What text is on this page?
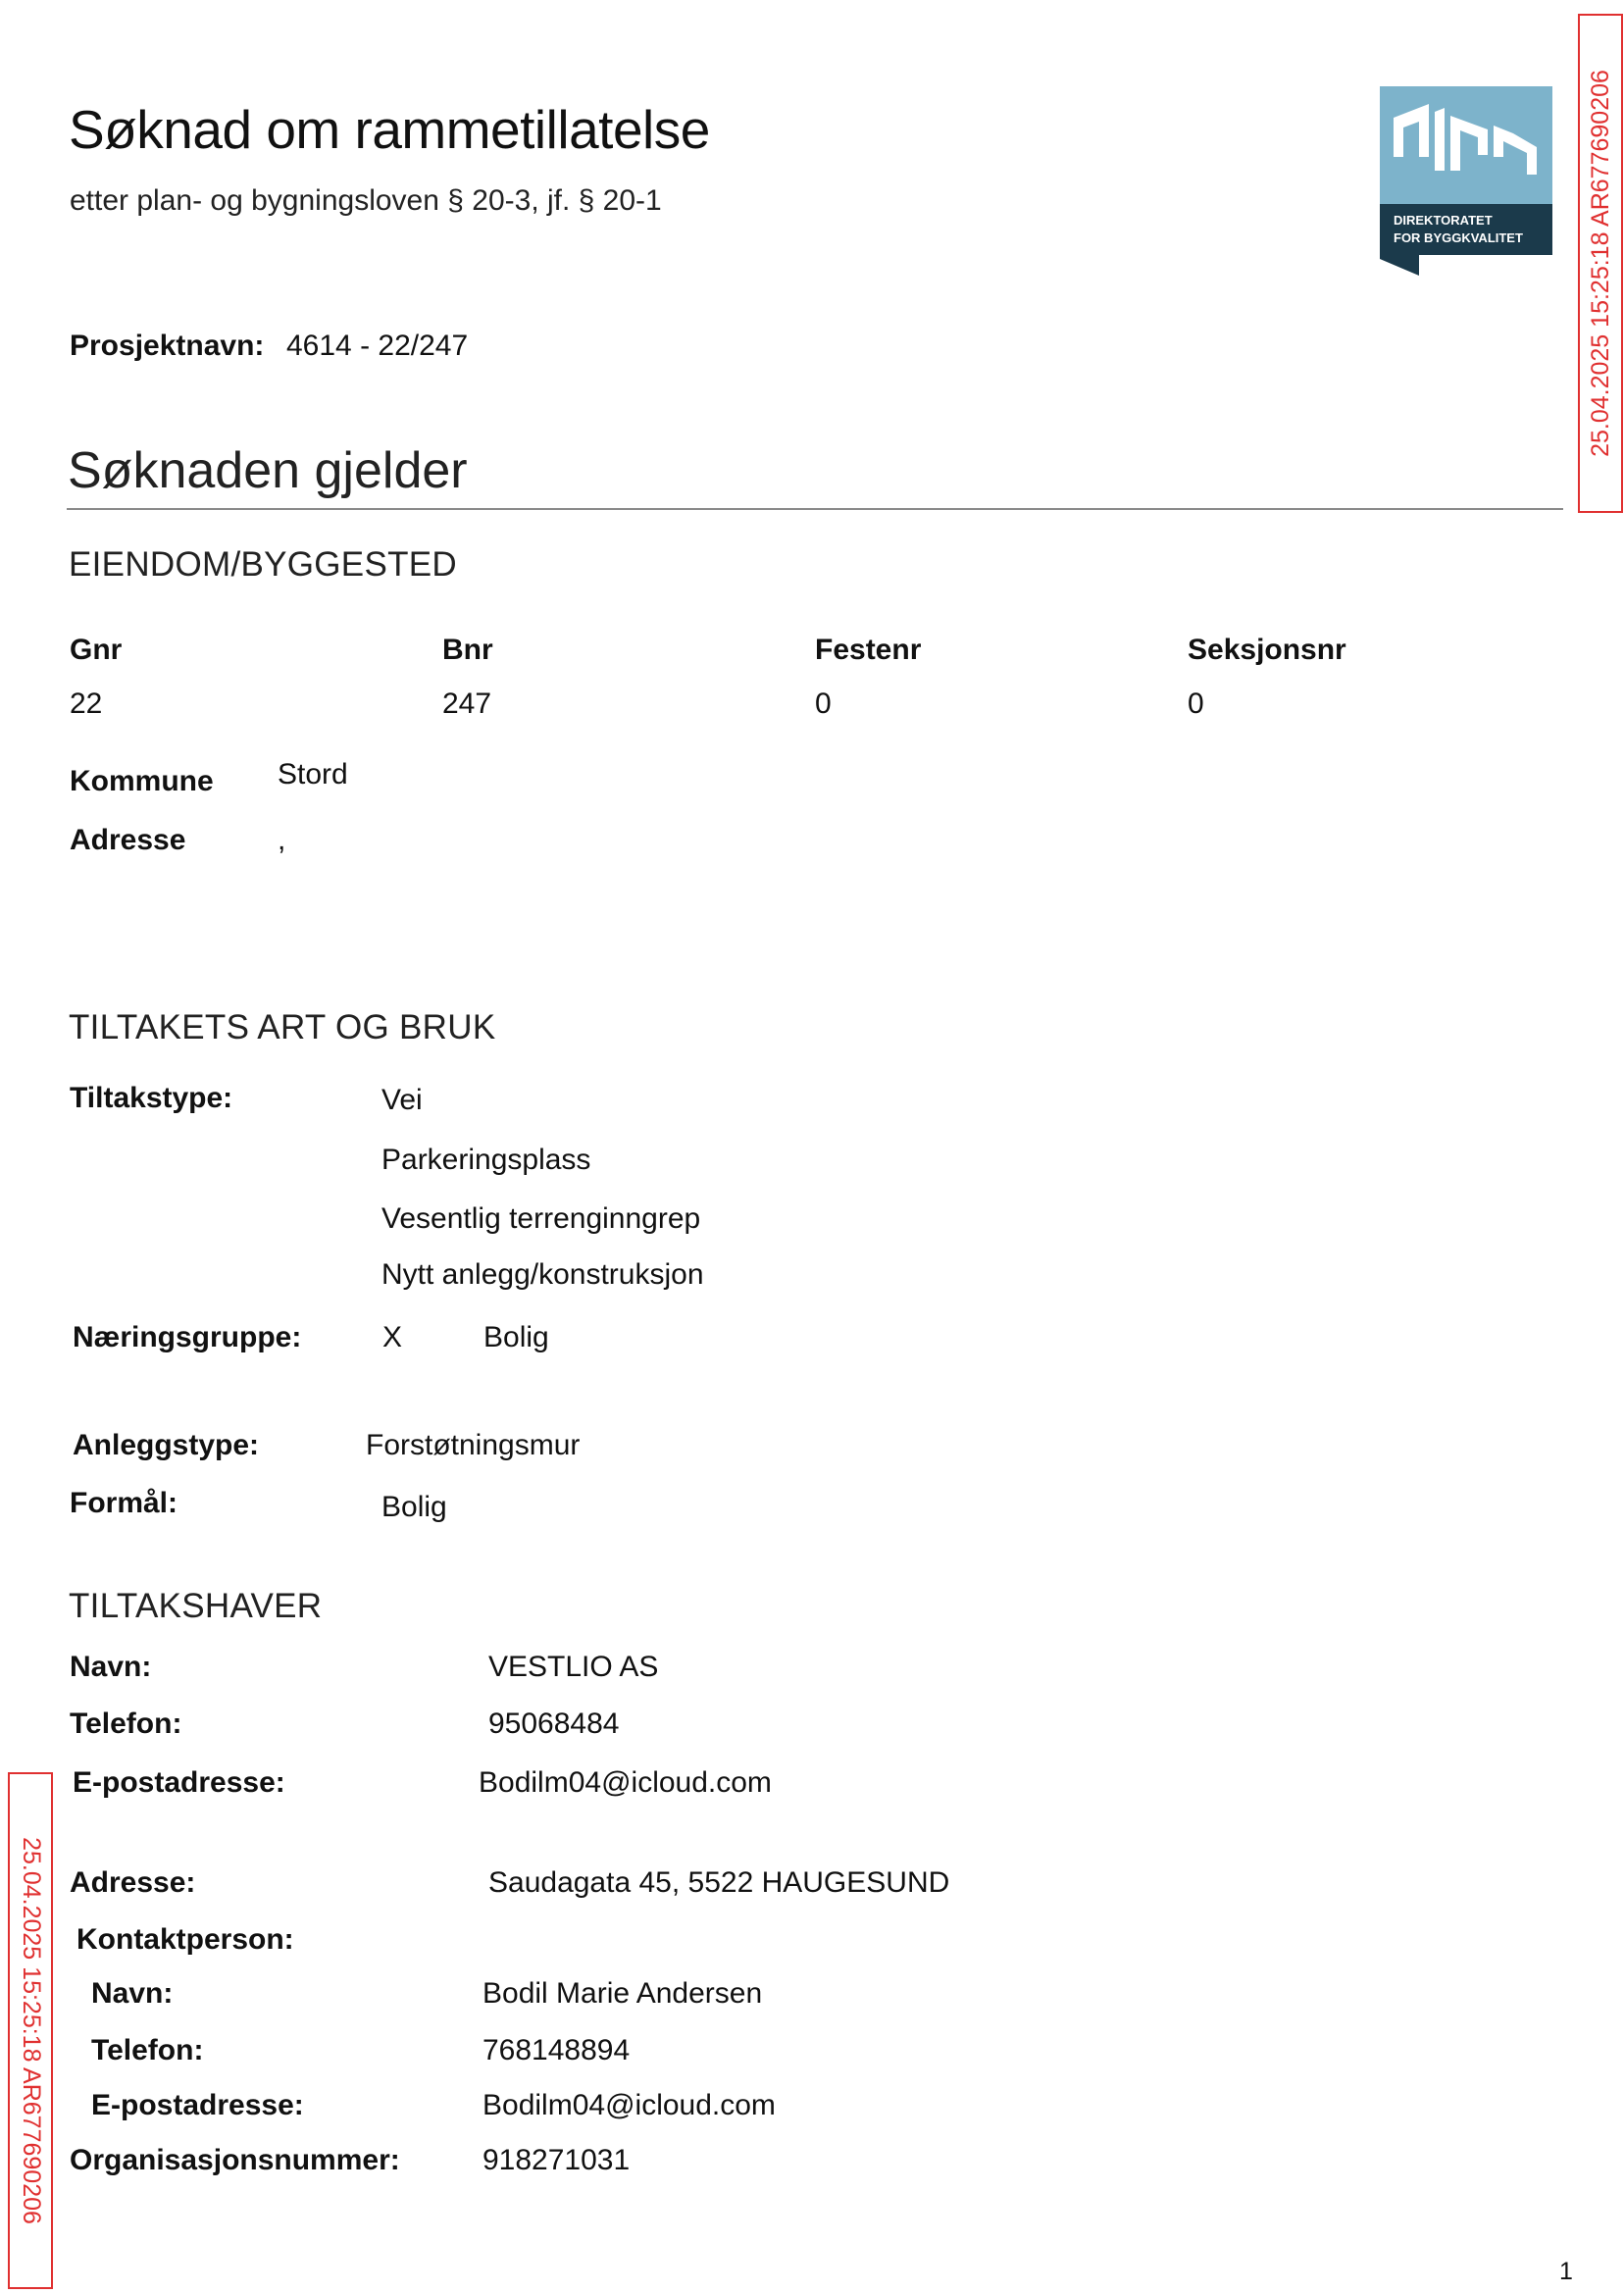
Søknad om rammetillatelse
etter plan- og bygningsloven § 20-3, jf. § 20-1
DIREKTORATET
FOR BYGGKVALITET	25.04.2025 15:25:18 AR677690206
25.04.2025 15:25:18 AR677690206
Prosjektnavn: 4614 - 22/247
Søknaden gjelder
EIENDOM/BYGGESTED
Gnr	Bnr	Festenr	Seksjonsnr
22	247	0	0
Kommune Stord
Adresse	,
TILTAKETS ART OG BRUK
Tiltakstype:	Vei
Parkeringsplass
Vesentlig terrenginngrep
Nytt anlegg/konstruksjon
Næringsgruppe:	X	Bolig
Anleggstype:	Forstøtningsmur
Formål:	Bolig
TILTAKSHAVER
Navn:	VESTLIO AS
Telefon:	95068484
E-postadresse:	Bodilm04@icloud.com
Adresse:	Saudagata 45, 5522 HAUGESUND
Kontaktperson:
Navn:	Bodil Marie Andersen
Telefon:	768148894
E-postadresse:	Bodilm04@icloud.com
Organisasjonsnummer:	918271031
1
